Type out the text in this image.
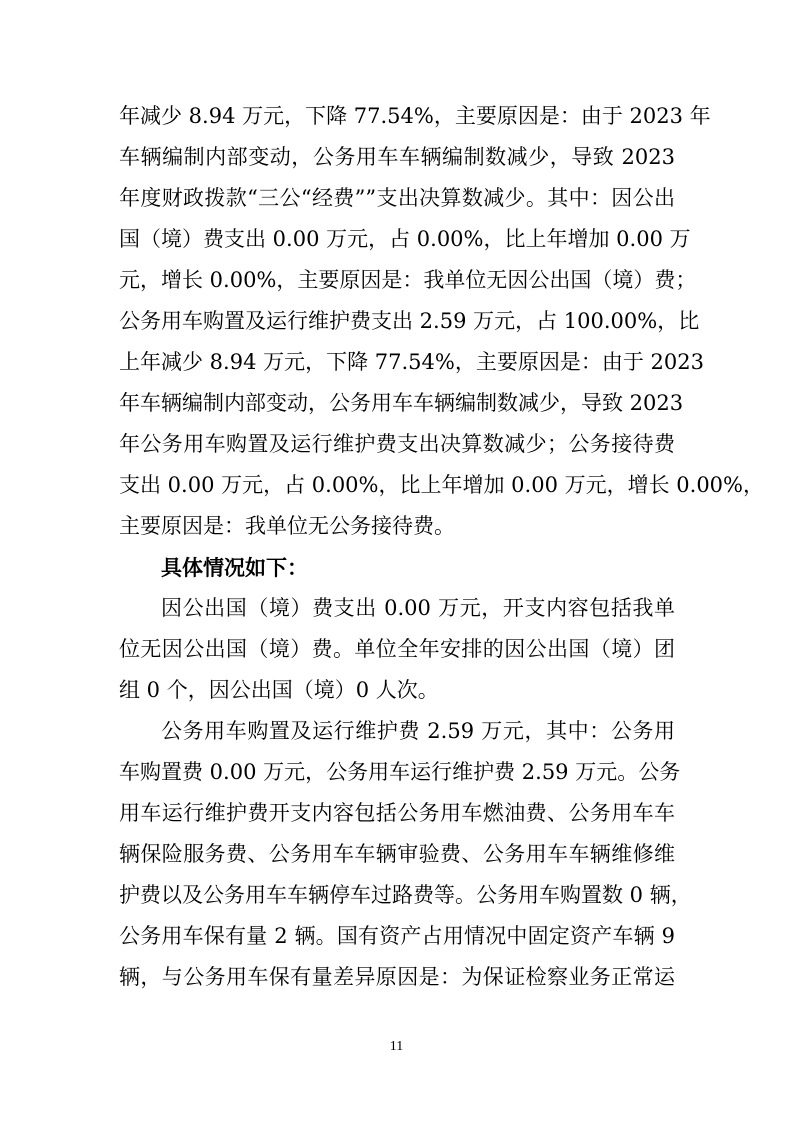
年减少 8.94 万元，下降 77.54%，主要原因是：由于 2023 年
车辆编制内部变动，公务用车车辆编制数减少，导致 2023
年度财政拨款“三公“经费””支出决算数减少。其中：因公出
国（境）费支出 0.00 万元，占 0.00%，比上年增加 0.00 万
元，增长 0.00%，主要原因是：我单位无因公出国（境）费；
公务用车购置及运行维护费支出 2.59 万元，占 100.00%，比
上年减少 8.94 万元，下降 77.54%，主要原因是：由于 2023
年车辆编制内部变动，公务用车车辆编制数减少，导致 2023
年公务用车购置及运行维护费支出决算数减少；公务接待费
支出 0.00 万元，占 0.00%，比上年增加 0.00 万元，增长 0.00%，
主要原因是：我单位无公务接待费。
具体情况如下：
因公出国（境）费支出 0.00 万元，开支内容包括我单
位无因公出国（境）费。单位全年安排的因公出国（境）团
组 0 个，因公出国（境）0 人次。
公务用车购置及运行维护费 2.59 万元，其中：公务用
车购置费 0.00 万元，公务用车运行维护费 2.59 万元。公务
用车运行维护费开支内容包括公务用车燃油费、公务用车车
辆保险服务费、公务用车车辆审验费、公务用车车辆维修维
护费以及公务用车车辆停车过路费等。公务用车购置数 0 辆，
公务用车保有量 2 辆。国有资产占用情况中固定资产车辆 9
辆，与公务用车保有量差异原因是：为保证检察业务正常运
11
